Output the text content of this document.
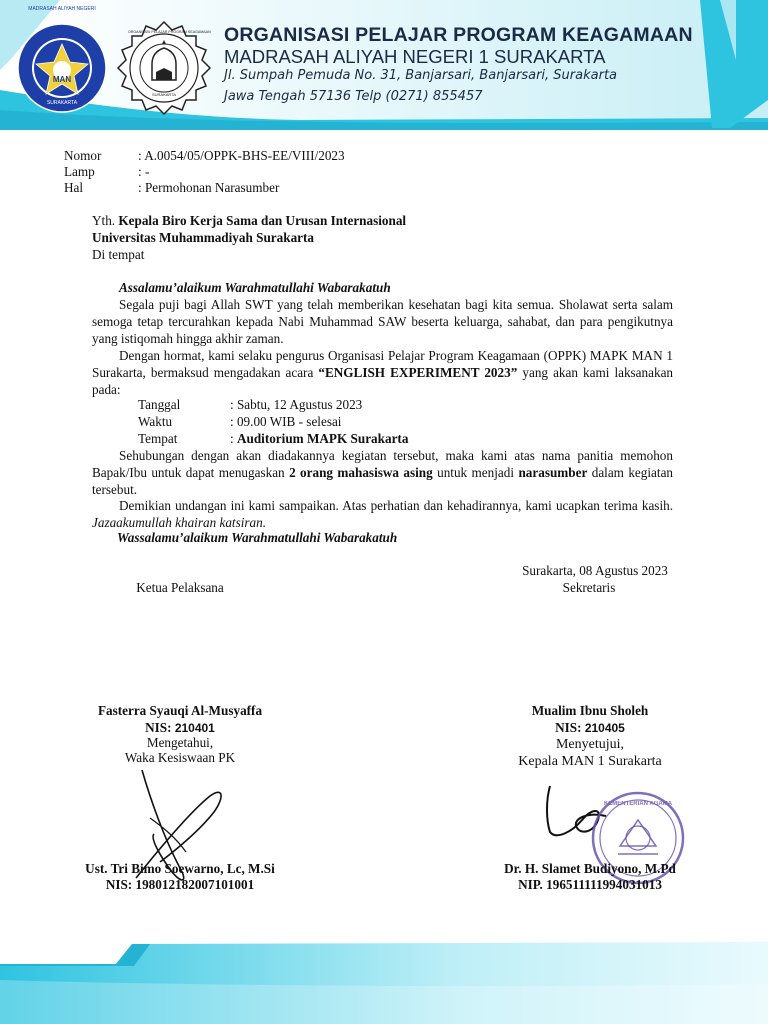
MAN
MADRASAH ALIYAH NEGERI
SURAKARTA
ORGANISASI PELAJAR PROGRAM KEAGAMAAN
SURAKARTA
ORGANISASI PELAJAR PROGRAM KEAGAMAAN
MADRASAH ALIYAH NEGERI 1 SURAKARTA
Jl. Sumpah Pemuda No. 31, Banjarsari, Banjarsari, Surakarta
Jawa Tengah 57136 Telp (0271) 855457
Nomor	: A.0054/05/OPPK-BHS-EE/VIII/2023
Lamp	: -
Hal	: Permohonan Narasumber
Yth. Kepala Biro Kerja Sama dan Urusan Internasional
Universitas Muhammadiyah Surakarta
Di tempat
Assalamu’alaikum Warahmatullahi Wabarakatuh
Segala puji bagi Allah SWT yang telah memberikan kesehatan bagi kita semua. Sholawat serta salam semoga tetap tercurahkan kepada Nabi Muhammad SAW beserta keluarga, sahabat, dan para pengikutnya yang istiqomah hingga akhir zaman.
Dengan hormat, kami selaku pengurus Organisasi Pelajar Program Keagamaan (OPPK) MAPK MAN 1 Surakarta, bermaksud mengadakan acara “ENGLISH EXPERIMENT 2023” yang akan kami laksanakan pada:
Tanggal	: Sabtu, 12 Agustus 2023
Waktu	: 09.00 WIB - selesai
Tempat	: Auditorium MAPK Surakarta
Sehubungan dengan akan diadakannya kegiatan tersebut, maka kami atas nama panitia memohon Bapak/Ibu untuk dapat menugaskan 2 orang mahasiswa asing untuk menjadi narasumber dalam kegiatan tersebut.
Demikian undangan ini kami sampaikan. Atas perhatian dan kehadirannya, kami ucapkan terima kasih. Jazaakumullah khairan katsiran.
Wassalamu’alaikum Warahmatullahi Wabarakatuh
Surakarta, 08 Agustus 2023
Ketua Pelaksana	Sekretaris
Fasterra Syauqi Al-Musyaffa
NIS: 210401
Mengetahui,
Waka Kesiswaan PK
Mualim Ibnu Sholeh
NIS: 210405
Menyetujui,
Kepala MAN 1 Surakarta
KEMENTERIAN AGAMA
Ust. Tri Bimo Soewarno, Lc, M.Si
NIS: 198012182007101001
Dr. H. Slamet Budiyono, M.Pd
NIP. 196511111994031013
